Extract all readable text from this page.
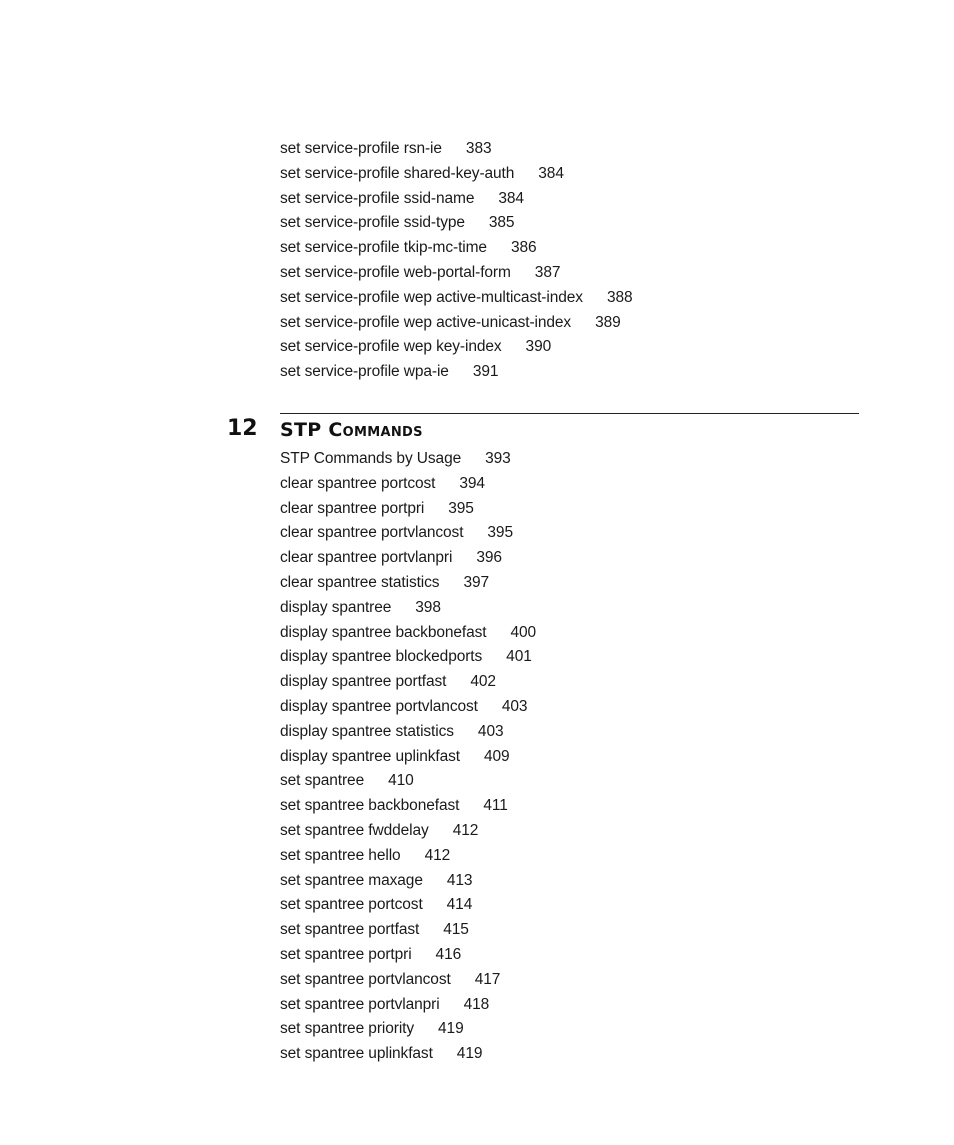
set service-profile rsn-ie 383
set service-profile shared-key-auth 384
set service-profile ssid-name 384
set service-profile ssid-type 385
set service-profile tkip-mc-time 386
set service-profile web-portal-form 387
set service-profile wep active-multicast-index 388
set service-profile wep active-unicast-index 389
set service-profile wep key-index 390
set service-profile wpa-ie 391
12 STP Commands
STP Commands by Usage 393
clear spantree portcost 394
clear spantree portpri 395
clear spantree portvlancost 395
clear spantree portvlanpri 396
clear spantree statistics 397
display spantree 398
display spantree backbonefast 400
display spantree blockedports 401
display spantree portfast 402
display spantree portvlancost 403
display spantree statistics 403
display spantree uplinkfast 409
set spantree 410
set spantree backbonefast 411
set spantree fwddelay 412
set spantree hello 412
set spantree maxage 413
set spantree portcost 414
set spantree portfast 415
set spantree portpri 416
set spantree portvlancost 417
set spantree portvlanpri 418
set spantree priority 419
set spantree uplinkfast 419
